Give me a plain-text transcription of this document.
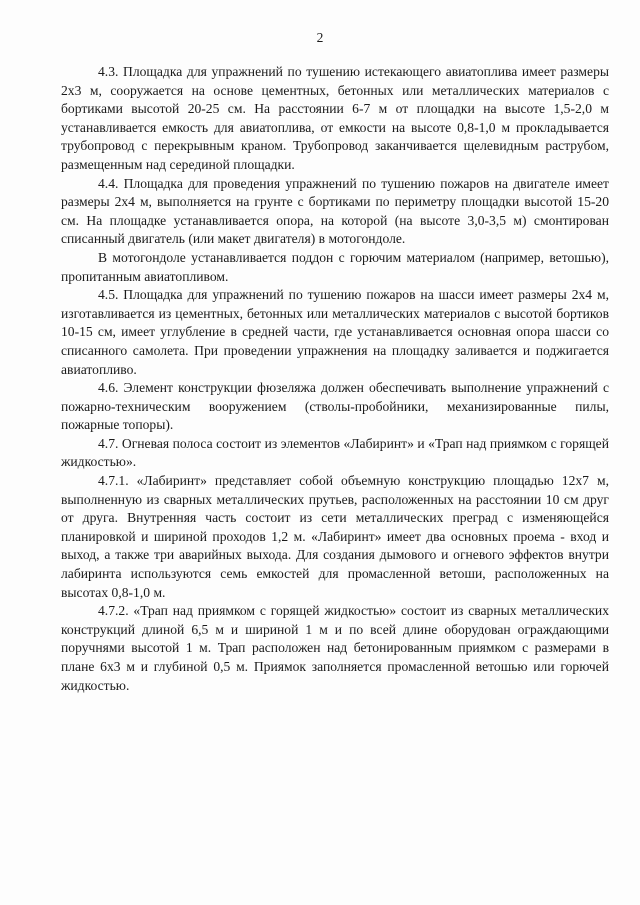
2

4.3. Площадка для упражнений по тушению истекающего авиатоплива имеет размеры 2х3 м, сооружается на основе цементных, бетонных или металлических материалов с бортиками высотой 20-25 см. На расстоянии 6-7 м от площадки на высоте 1,5-2,0 м устанавливается емкость для авиатоплива, от емкости на высоте 0,8-1,0 м прокладывается трубопровод с перекрывным краном. Трубопровод заканчивается щелевидным раструбом, размещенным над серединой площадки.

4.4. Площадка для проведения упражнений по тушению пожаров на двигателе имеет размеры 2х4 м, выполняется на грунте с бортиками по периметру площадки высотой 15-20 см. На площадке устанавливается опора, на которой (на высоте 3,0-3,5 м) смонтирован списанный двигатель (или макет двигателя) в мотогондоле.

В мотогондоле устанавливается поддон с горючим материалом (например, ветошью), пропитанным авиатопливом.

4.5. Площадка для упражнений по тушению пожаров на шасси имеет размеры 2х4 м, изготавливается из цементных, бетонных или металлических материалов с высотой бортиков 10-15 см, имеет углубление в средней части, где устанавливается основная опора шасси со списанного самолета. При проведении упражнения на площадку заливается и поджигается авиатопливо.

4.6. Элемент конструкции фюзеляжа должен обеспечивать выполнение упражнений с пожарно-техническим вооружением (стволы-пробойники, механизированные пилы, пожарные топоры).

4.7. Огневая полоса состоит из элементов «Лабиринт» и «Трап над приямком с горящей жидкостью».

4.7.1. «Лабиринт» представляет собой объемную конструкцию площадью 12х7 м, выполненную из сварных металлических прутьев, расположенных на расстоянии 10 см друг от друга. Внутренняя часть состоит из сети металлических преград с изменяющейся планировкой и шириной проходов 1,2 м. «Лабиринт» имеет два основных проема - вход и выход, а также три аварийных выхода. Для создания дымового и огневого эффектов внутри лабиринта используются семь емкостей для промасленной ветоши, расположенных на высотах 0,8-1,0 м.

4.7.2. «Трап над приямком с горящей жидкостью» состоит из сварных металлических конструкций длиной 6,5 м и шириной 1 м и по всей длине оборудован ограждающими поручнями высотой 1 м. Трап расположен над бетонированным приямком с размерами в плане 6х3 м и глубиной 0,5 м. Приямок заполняется промасленной ветошью или горючей жидкостью.
